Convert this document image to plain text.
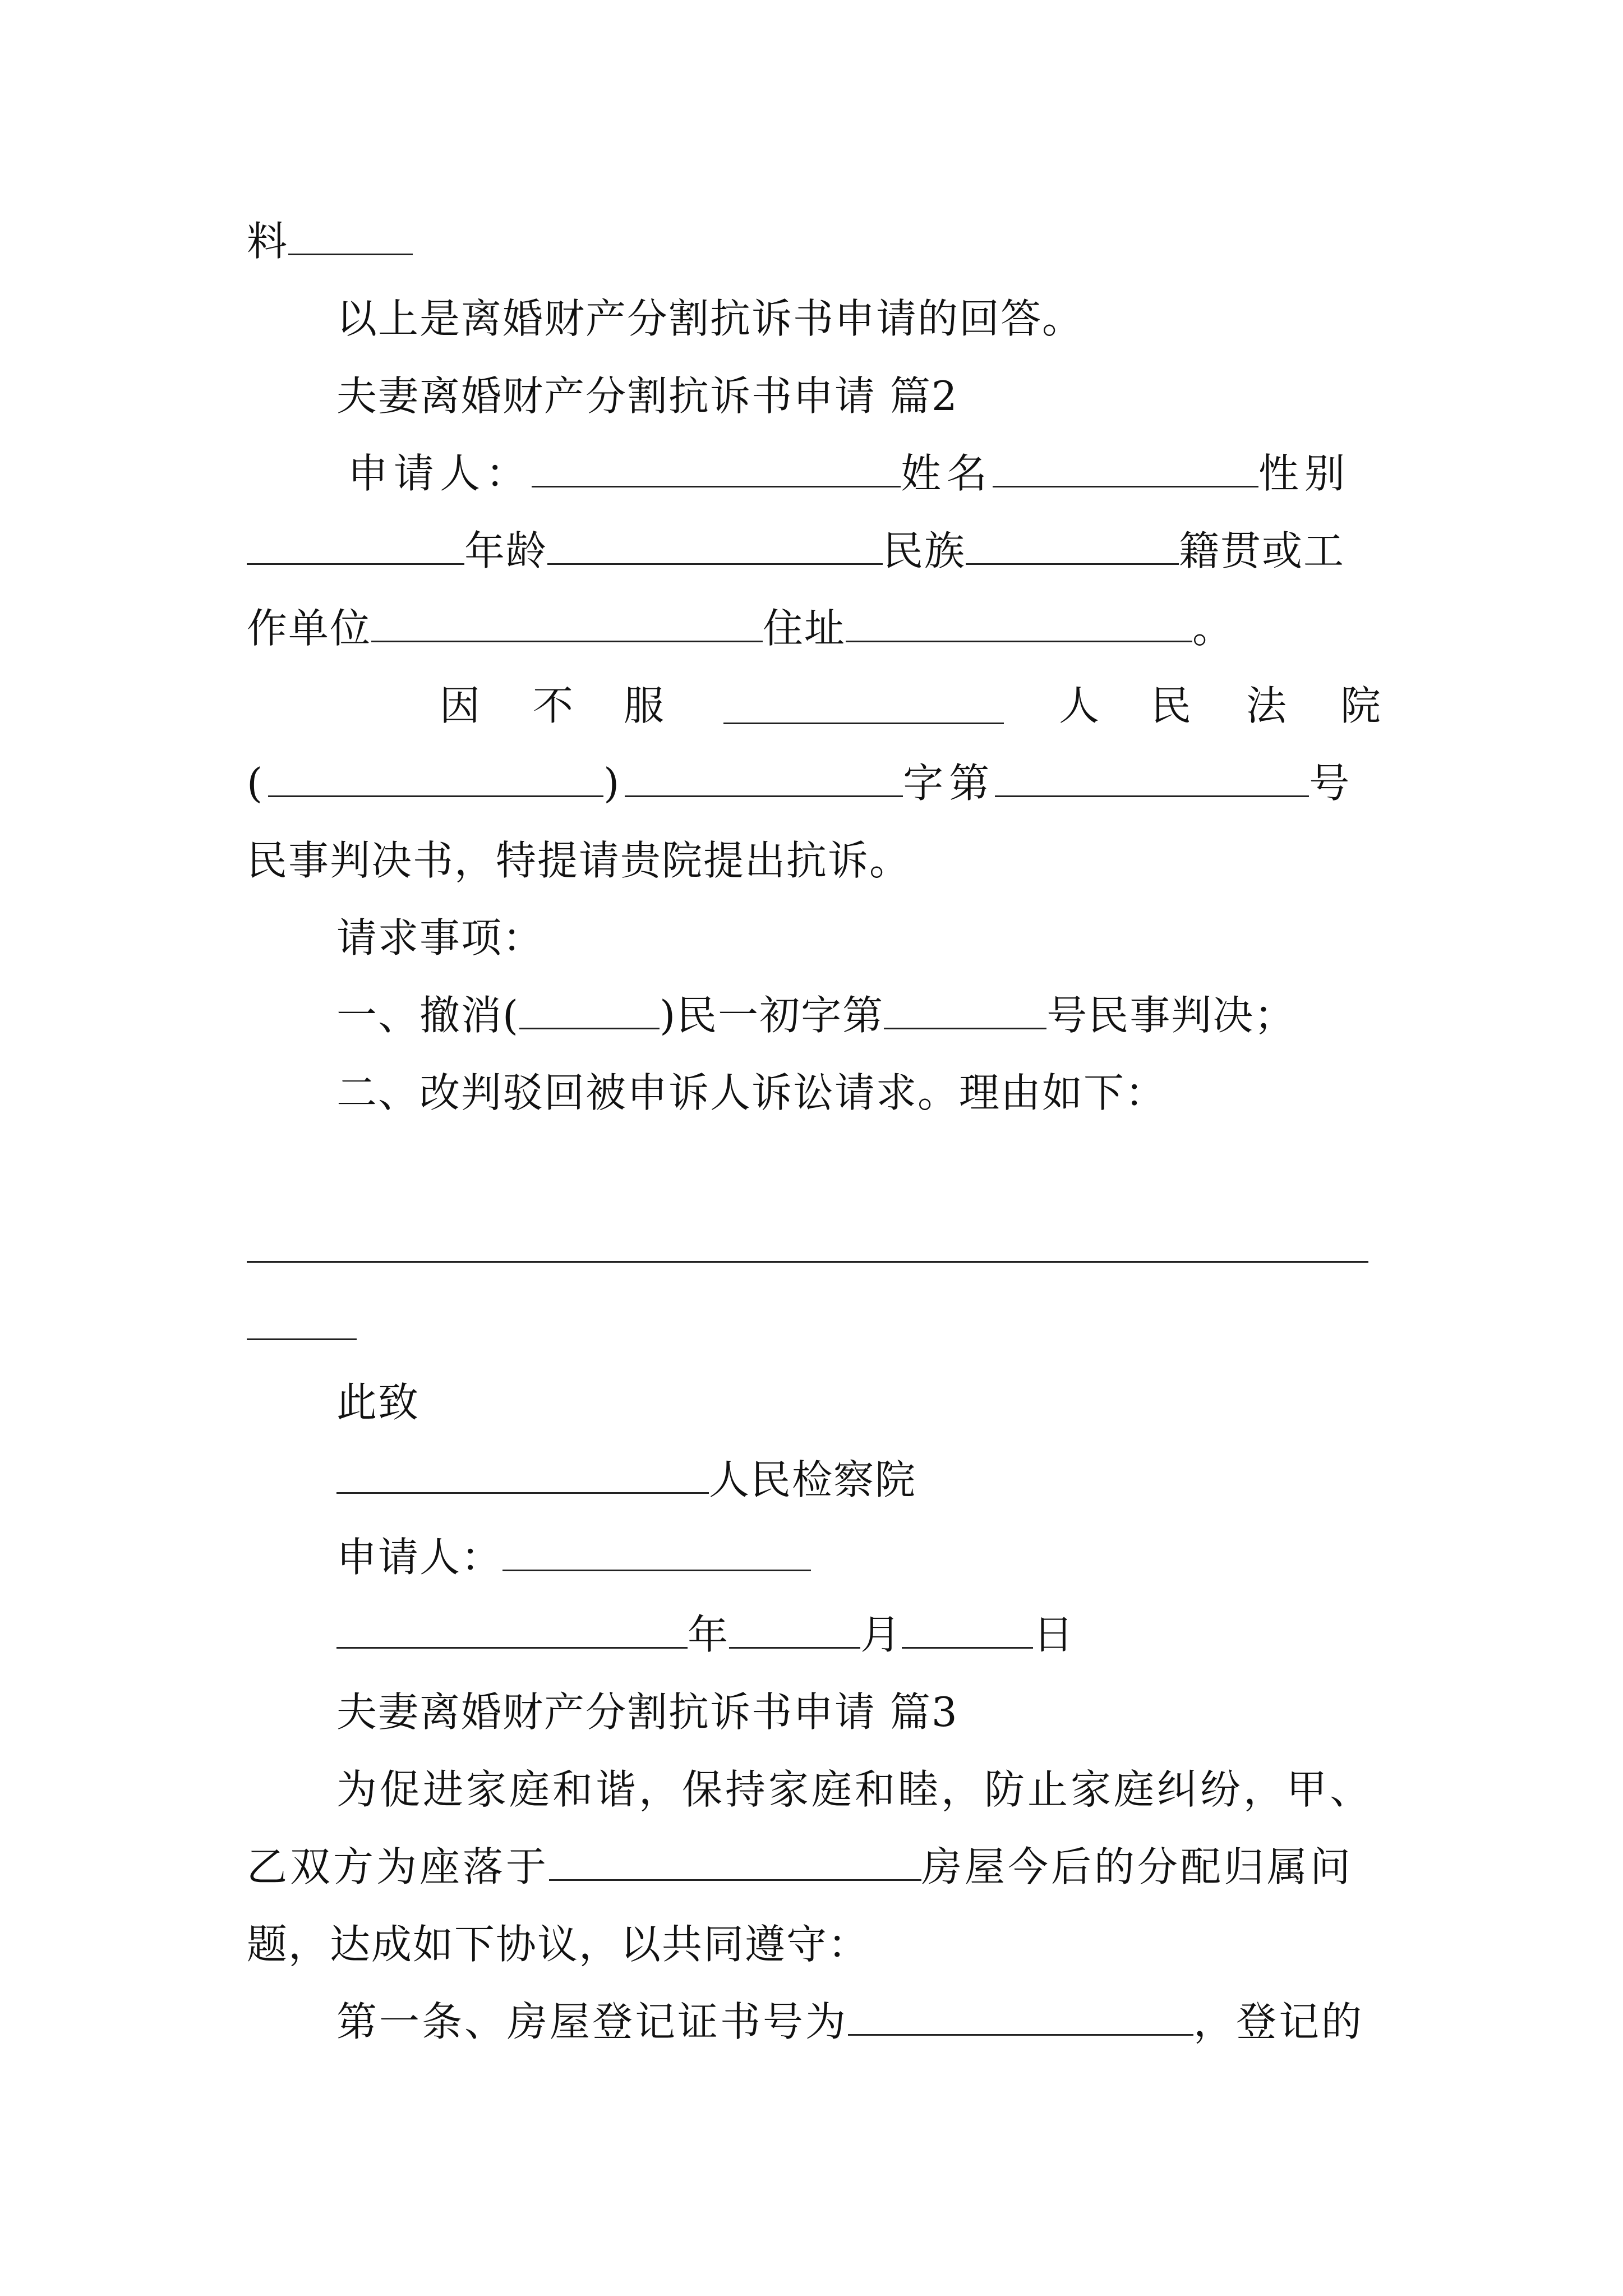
料
以上是离婚财产分割抗诉书申请的回答。
夫妻离婚财产分割抗诉书申请 篇2
申请人：	姓名	性别
年龄	民族	籍贯或工
作单位	住址	。
因 不 服	人 民 法 院
(	)	字第	号
民事判决书，特提请贵院提出抗诉。
请求事项：
一、撤消(	)民一初字第	号民事判决；
二、改判驳回被申诉人诉讼请求。理由如下：
此致
人民检察院
申请人：
年	月	日
夫妻离婚财产分割抗诉书申请 篇3
为促进家庭和谐，保持家庭和睦，防止家庭纠纷，甲、
乙双方为座落于	房屋今后的分配归属问
题，达成如下协议，以共同遵守：
第一条、房屋登记证书号为	，登记的
